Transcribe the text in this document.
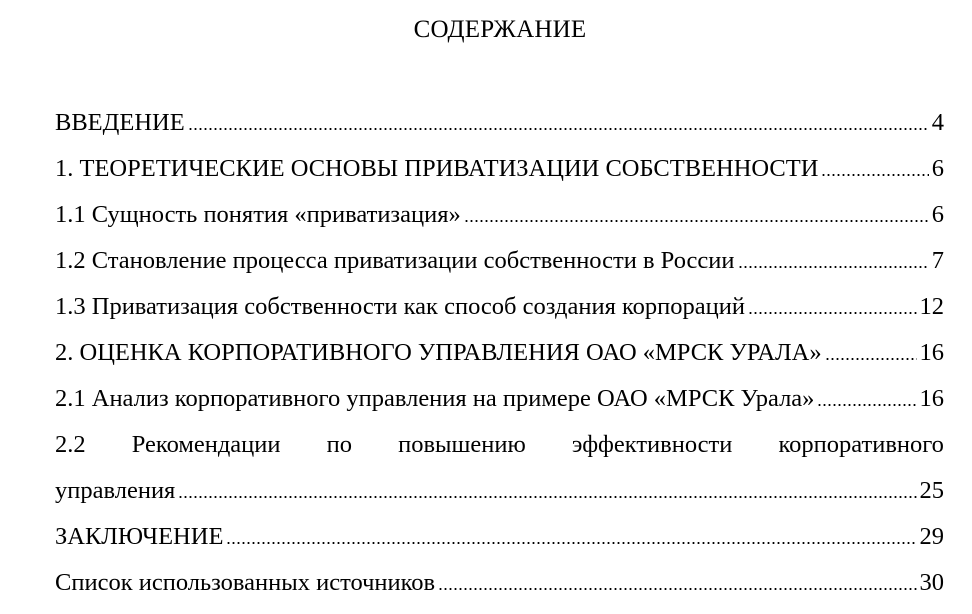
СОДЕРЖАНИЕ
ВВЕДЕНИЕ	4
1. ТЕОРЕТИЧЕСКИЕ ОСНОВЫ ПРИВАТИЗАЦИИ СОБСТВЕННОСТИ	6
1.1 Сущность понятия «приватизация»	6
1.2 Становление процесса приватизации собственности в России	7
1.3 Приватизация собственности как способ создания корпораций	12
2. ОЦЕНКА КОРПОРАТИВНОГО УПРАВЛЕНИЯ ОАО «МРСК УРАЛА»	16
2.1 Анализ корпоративного управления на примере ОАО «МРСК Урала»	16
2.2 Рекомендации по повышению эффективности корпоративного
управления	25
ЗАКЛЮЧЕНИЕ	29
Список использованных источников	30
